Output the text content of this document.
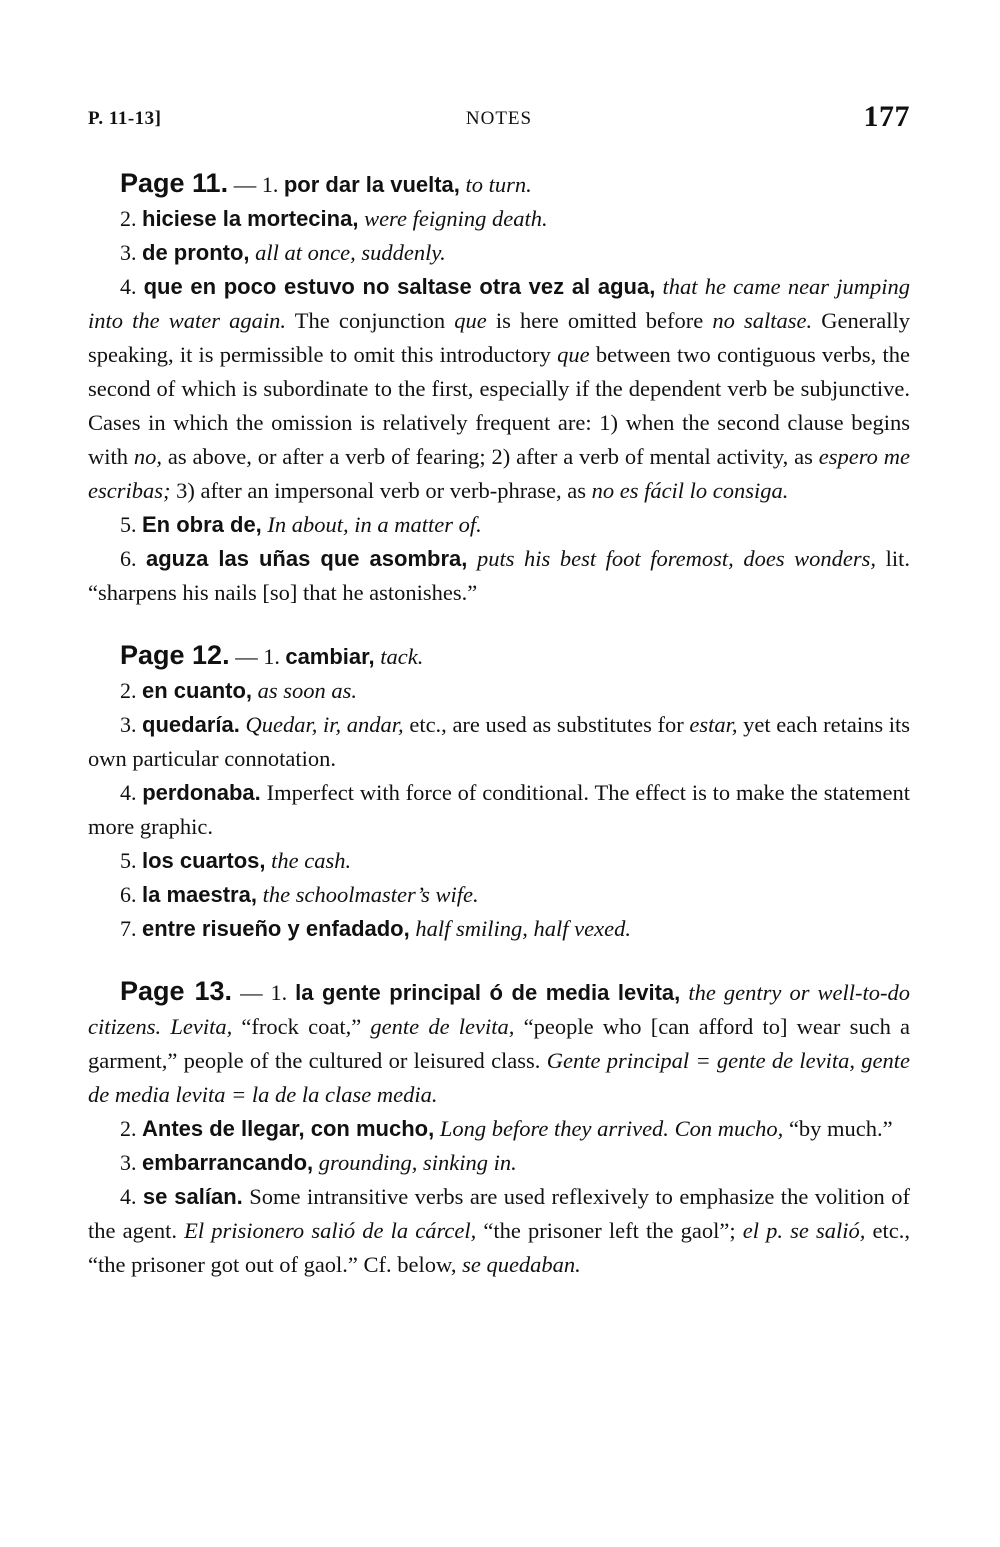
P. 11-13]	NOTES	177

Page 11. — 1. por dar la vuelta, to turn.

2. hiciese la mortecina, were feigning death.

3. de pronto, all at once, suddenly.

4. que en poco estuvo no saltase otra vez al agua, that he came near jumping into the water again. The conjunction que is here omitted before no saltase. Generally speaking, it is permissible to omit this introductory que between two contiguous verbs, the second of which is subordinate to the first, especially if the dependent verb be subjunctive. Cases in which the omission is relatively frequent are: 1) when the second clause begins with no, as above, or after a verb of fearing; 2) after a verb of mental activity, as espero me escribas; 3) after an impersonal verb or verb-phrase, as no es fácil lo consiga.

5. En obra de, In about, in a matter of.

6. aguza las uñas que asombra, puts his best foot foremost, does wonders, lit. “sharpens his nails [so] that he astonishes.”

Page 12. — 1. cambiar, tack.

2. en cuanto, as soon as.

3. quedaría. Quedar, ir, andar, etc., are used as substitutes for estar, yet each retains its own particular connotation.

4. perdonaba. Imperfect with force of conditional. The effect is to make the statement more graphic.

5. los cuartos, the cash.

6. la maestra, the schoolmaster’s wife.

7. entre risueño y enfadado, half smiling, half vexed.

Page 13. — 1. la gente principal ó de media levita, the gentry or well-to-do citizens. Levita, “frock coat,” gente de levita, “people who [can afford to] wear such a garment,” people of the cultured or leisured class. Gente principal = gente de levita, gente de media levita = la de la clase media.

2. Antes de llegar, con mucho, Long before they arrived. Con mucho, “by much.”

3. embarrancando, grounding, sinking in.

4. se salían. Some intransitive verbs are used reflexively to emphasize the volition of the agent. El prisionero salió de la cárcel, “the prisoner left the gaol”; el p. se salió, etc., “the prisoner got out of gaol.” Cf. below, se quedaban.
